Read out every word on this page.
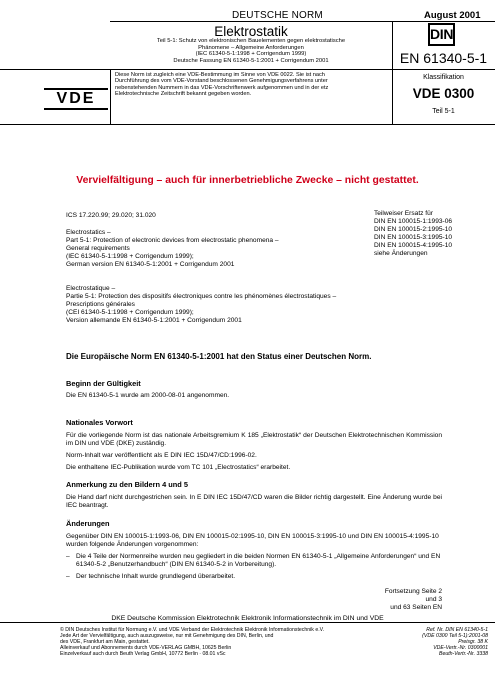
DEUTSCHE NORM	August 2001
Elektrostatik
Teil 5-1: Schutz von elektronischen Bauelementen gegen elektrostatische
Phänomene – Allgemeine Anforderungen
(IEC 61340-5-1:1998 + Corrigendum 1999)
Deutsche Fassung EN 61340-5-1:2001 + Corrigendum 2001
DIN
EN 61340-5-1
VDE
Diese Norm ist zugleich eine VDE-Bestimmung im Sinne von VDE 0022. Sie ist nach
Durchführung des vom VDE-Vorstand beschlossenen Genehmigungsverfahrens unter
nebenstehenden Nummern in das VDE-Vorschriftenwerk aufgenommen und in der etz
Elektrotechnische Zeitschrift bekannt gegeben worden.
Klassifikation
VDE 0300
Teil 5-1
Vervielfältigung – auch für innerbetriebliche Zwecke – nicht gestattet.
ICS 17.220.99; 29.020; 31.020	Teilweiser Ersatz für
DIN EN 100015-1:1993-06
DIN EN 100015-2:1995-10
DIN EN 100015-3:1995-10
DIN EN 100015-4:1995-10
siehe Änderungen
Electrostatics –
Part 5-1: Protection of electronic devices from electrostatic phenomena –
General requirements
(IEC 61340-5-1:1998 + Corrigendum 1999);
German version EN 61340-5-1:2001 + Corrigendum 2001
Electrostatique –
Partie 5-1: Protection des dispositifs électroniques contre les phénomènes électrostatiques –
Prescriptions générales
(CEI 61340-5-1:1998 + Corrigendum 1999);
Version allemande EN 61340-5-1:2001 + Corrigendum 2001
Die Europäische Norm EN 61340-5-1:2001 hat den Status einer Deutschen Norm.
Beginn der Gültigkeit
Die EN 61340-5-1 wurde am 2000-08-01 angenommen.
Nationales Vorwort
Für die vorliegende Norm ist das nationale Arbeitsgremium K 185 „Elektrostatik“ der Deutschen Elektrotechnischen Kommission im DIN und VDE (DKE) zuständig.
Norm-Inhalt war veröffentlicht als E DIN IEC 15D/47/CD:1996-02.
Die enthaltene IEC-Publikation wurde vom TC 101 „Electrostatics“ erarbeitet.
Anmerkung zu den Bildern 4 und 5
Die Hand darf nicht durchgestrichen sein. In E DIN IEC 15D/47/CD waren die Bilder richtig dargestellt. Eine Änderung wurde bei IEC beantragt.
Änderungen
Gegenüber DIN EN 100015-1:1993-06, DIN EN 100015-02:1995-10, DIN EN 100015-3:1995-10 und DIN EN 100015-4:1995-10 wurden folgende Änderungen vorgenommen:
– Die 4 Teile der Normenreihe wurden neu gegliedert in die beiden Normen EN 61340-5-1 „Allgemeine Anforderungen“ und EN 61340-5-2 „Benutzerhandbuch“ (DIN EN 61340-5-2 in Vorbereitung).
– Der technische Inhalt wurde grundlegend überarbeitet.
Fortsetzung Seite 2 und 3
und 63 Seiten EN
DKE Deutsche Kommission Elektrotechnik Elektronik Informationstechnik im DIN und VDE
© DIN Deutsches Institut für Normung e.V. und VDE Verband der Elektrotechnik Elektronik Informationstechnik e.V.
Jede Art der Vervielfältigung, auch auszugsweise, nur mit Genehmigung des DIN, Berlin, und
des VDE, Frankfurt am Main, gestattet.
Alleinverkauf und Abonnements durch VDE-VERLAG GMBH, 10625 Berlin
Einzelverkauf auch durch Beuth Verlag GmbH, 10772 Berlin · 08.01 vSc
Ref. Nr. DIN EN 61340-5-1
(VDE 0300 Teil 5-1):2001-08
Preisgr. 38 K
VDE-Vertr.-Nr. 0300001
Beuth-Vertr.-Nr. 3338
